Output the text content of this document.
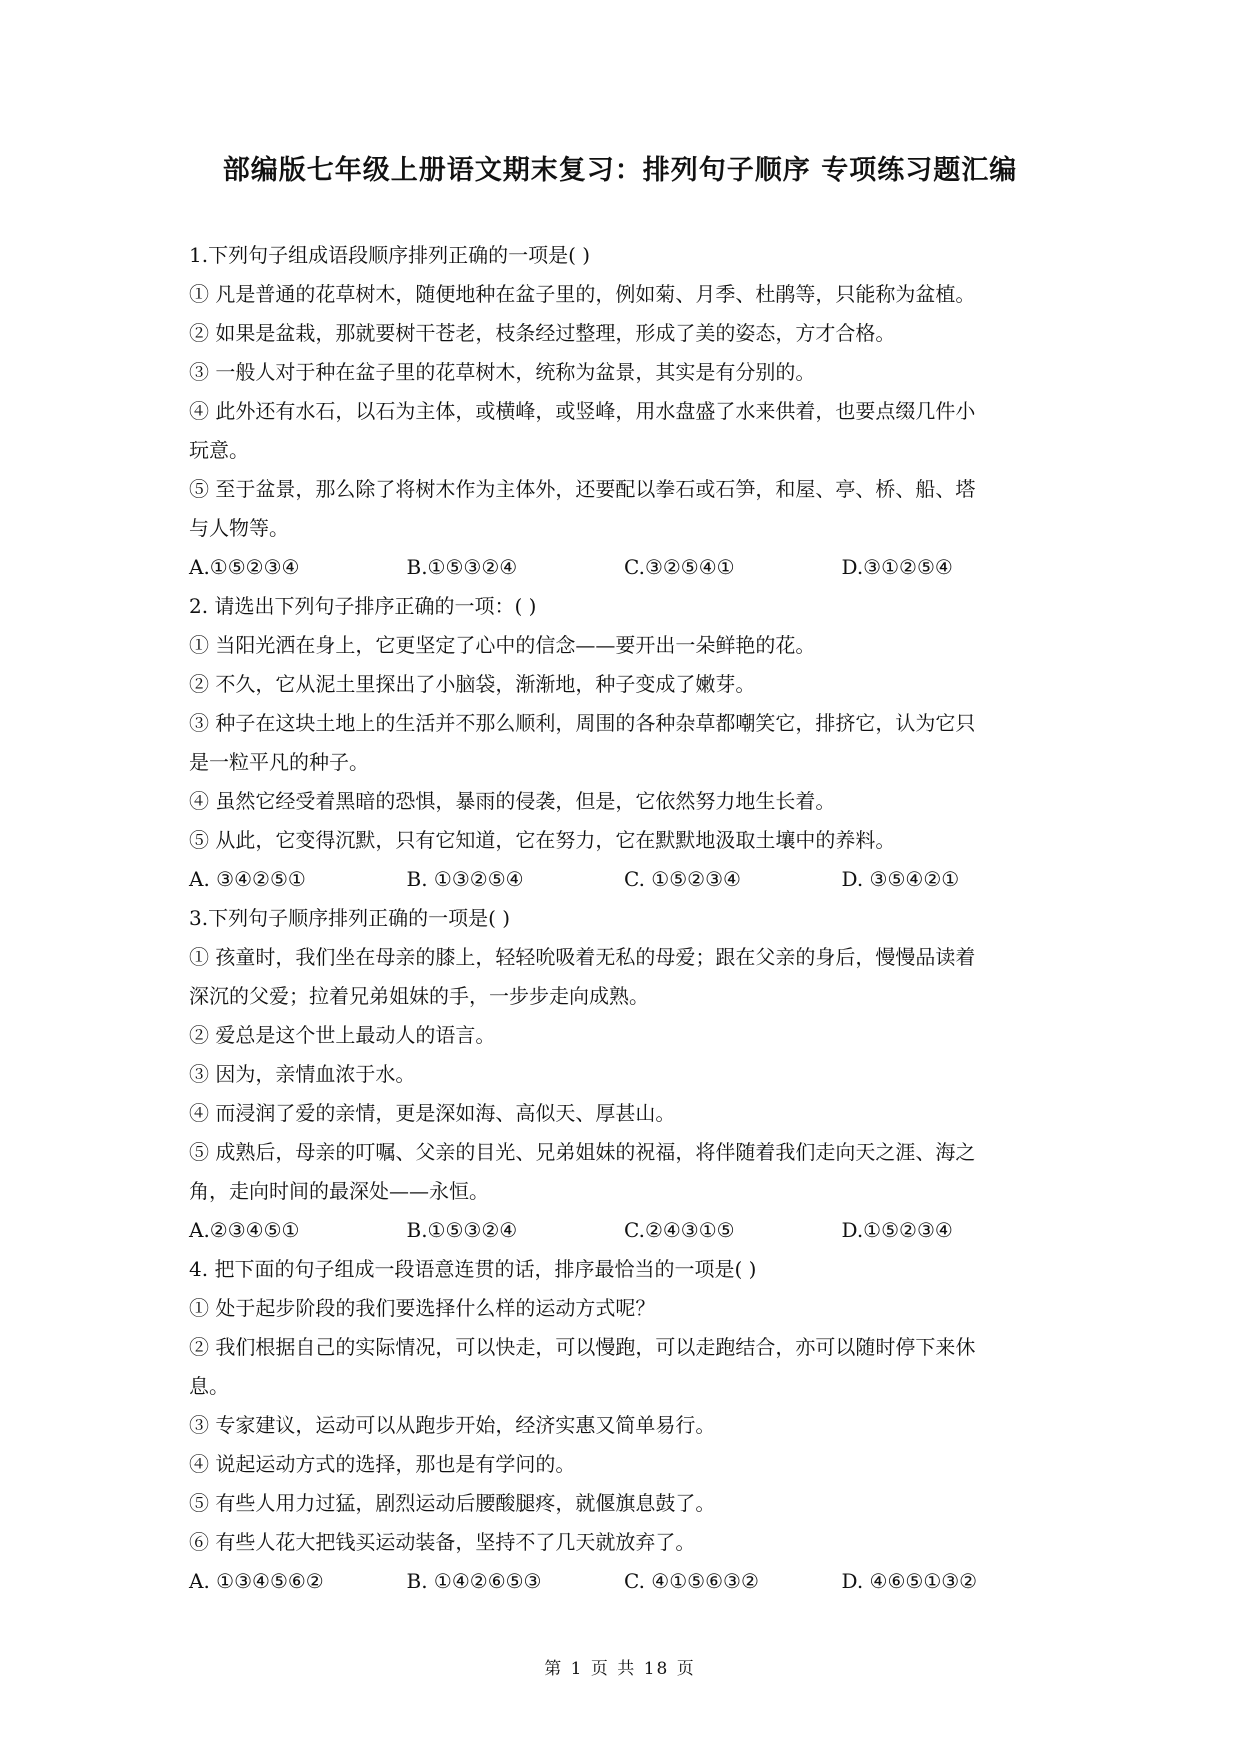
部编版七年级上册语文期末复习：排列句子顺序 专项练习题汇编
1.下列句子组成语段顺序排列正确的一项是( )
① 凡是普通的花草树木，随便地种在盆子里的，例如菊、月季、杜鹃等，只能称为盆植。
② 如果是盆栽，那就要树干苍老，枝条经过整理，形成了美的姿态，方才合格。
③ 一般人对于种在盆子里的花草树木，统称为盆景，其实是有分别的。
④ 此外还有水石，以石为主体，或横峰，或竖峰，用水盘盛了水来供着，也要点缀几件小
玩意。
⑤ 至于盆景，那么除了将树木作为主体外，还要配以拳石或石笋，和屋、亭、桥、船、塔
与人物等。
A.①⑤②③④	B.①⑤③②④	C.③②⑤④①	D.③①②⑤④
2. 请选出下列句子排序正确的一项：( )
① 当阳光洒在身上，它更坚定了心中的信念——要开出一朵鲜艳的花。
② 不久，它从泥土里探出了小脑袋，渐渐地，种子变成了嫩芽。
③ 种子在这块土地上的生活并不那么顺利，周围的各种杂草都嘲笑它，排挤它，认为它只
是一粒平凡的种子。
④ 虽然它经受着黑暗的恐惧，暴雨的侵袭，但是，它依然努力地生长着。
⑤ 从此，它变得沉默，只有它知道，它在努力，它在默默地汲取土壤中的养料。
A. ③④②⑤①	B. ①③②⑤④	C. ①⑤②③④	D. ③⑤④②①
3.下列句子顺序排列正确的一项是( )
① 孩童时，我们坐在母亲的膝上，轻轻吮吸着无私的母爱；跟在父亲的身后，慢慢品读着
深沉的父爱；拉着兄弟姐妹的手，一步步走向成熟。
② 爱总是这个世上最动人的语言。
③ 因为，亲情血浓于水。
④ 而浸润了爱的亲情，更是深如海、高似天、厚甚山。
⑤ 成熟后，母亲的叮嘱、父亲的目光、兄弟姐妹的祝福，将伴随着我们走向天之涯、海之
角，走向时间的最深处——永恒。
A.②③④⑤①	B.①⑤③②④	C.②④③①⑤	D.①⑤②③④
4. 把下面的句子组成一段语意连贯的话，排序最恰当的一项是( )
① 处于起步阶段的我们要选择什么样的运动方式呢？
② 我们根据自己的实际情况，可以快走，可以慢跑，可以走跑结合，亦可以随时停下来休
息。
③ 专家建议，运动可以从跑步开始，经济实惠又简单易行。
④ 说起运动方式的选择，那也是有学问的。
⑤ 有些人用力过猛，剧烈运动后腰酸腿疼，就偃旗息鼓了。
⑥ 有些人花大把钱买运动装备，坚持不了几天就放弃了。
A. ①③④⑤⑥②	B. ①④②⑥⑤③	C. ④①⑤⑥③②	D. ④⑥⑤①③②
第 1 页 共 18 页
